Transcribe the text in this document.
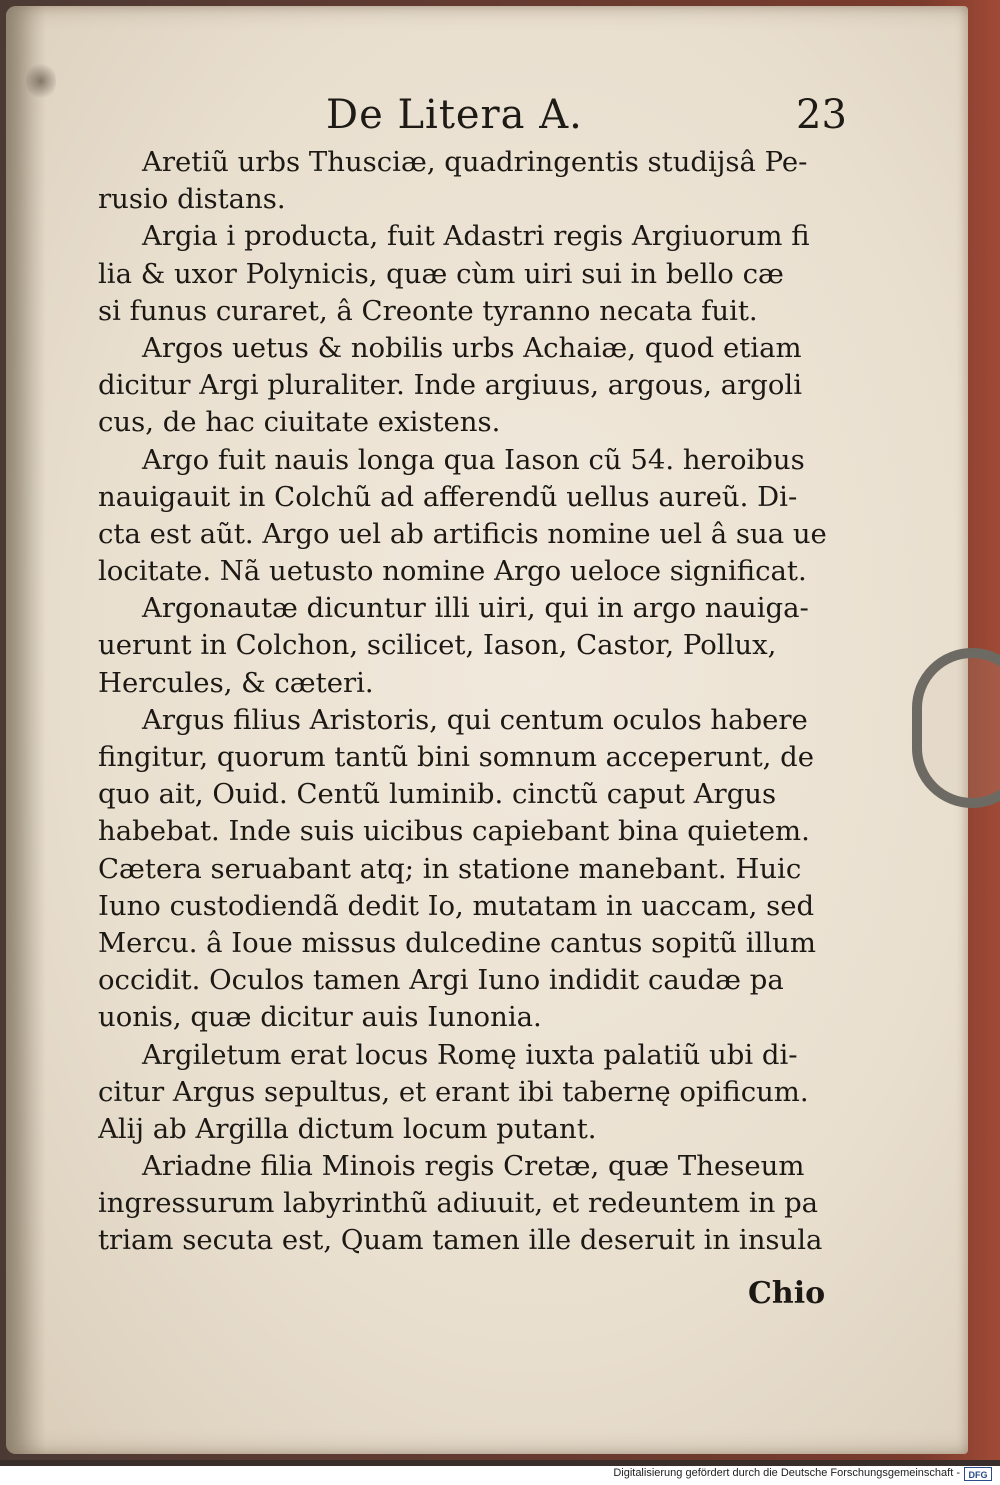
De Litera A.	23
Aretiũ urbs Thusciæ, quadringentis studijsâ Pe-
rusio distans.
Argia i producta, fuit Adastri regis Argiuorum fi
lia & uxor Polynicis, quæ cùm uiri sui in bello cæ
si funus curaret, â Creonte tyranno necata fuit.
Argos uetus & nobilis urbs Achaiæ, quod etiam
dicitur Argi pluraliter. Inde argiuus, argous, argoli
cus, de hac ciuitate existens.
Argo fuit nauis longa qua Iason cũ 54. heroibus
nauigauit in Colchũ ad afferendũ uellus aureũ. Di-
cta est aũt. Argo uel ab artificis nomine uel â sua ue
locitate. Nã uetusto nomine Argo ueloce significat.
Argonautæ dicuntur illi uiri, qui in argo nauiga-
uerunt in Colchon, scilicet, Iason, Castor, Pollux,
Hercules, & cæteri.
Argus filius Aristoris, qui centum oculos habere
fingitur, quorum tantũ bini somnum acceperunt, de
quo ait, Ouid. Centũ luminib. cinctũ caput Argus
habebat. Inde suis uicibus capiebant bina quietem.
Cætera seruabant atq; in statione manebant. Huic
Iuno custodiendã dedit Io, mutatam in uaccam, sed
Mercu. â Ioue missus dulcedine cantus sopitũ illum
occidit. Oculos tamen Argi Iuno indidit caudæ pa
uonis, quæ dicitur auis Iunonia.
Argiletum erat locus Romę iuxta palatiũ ubi di-
citur Argus sepultus, et erant ibi tabernę opificum.
Alij ab Argilla dictum locum putant.
Ariadne filia Minois regis Cretæ, quæ Theseum
ingressurum labyrinthũ adiuuit, et redeuntem in pa
triam secuta est, Quam tamen ille deseruit in insula
Chio
Digitalisierung gefördert durch die Deutsche Forschungsgemeinschaft - DFG
